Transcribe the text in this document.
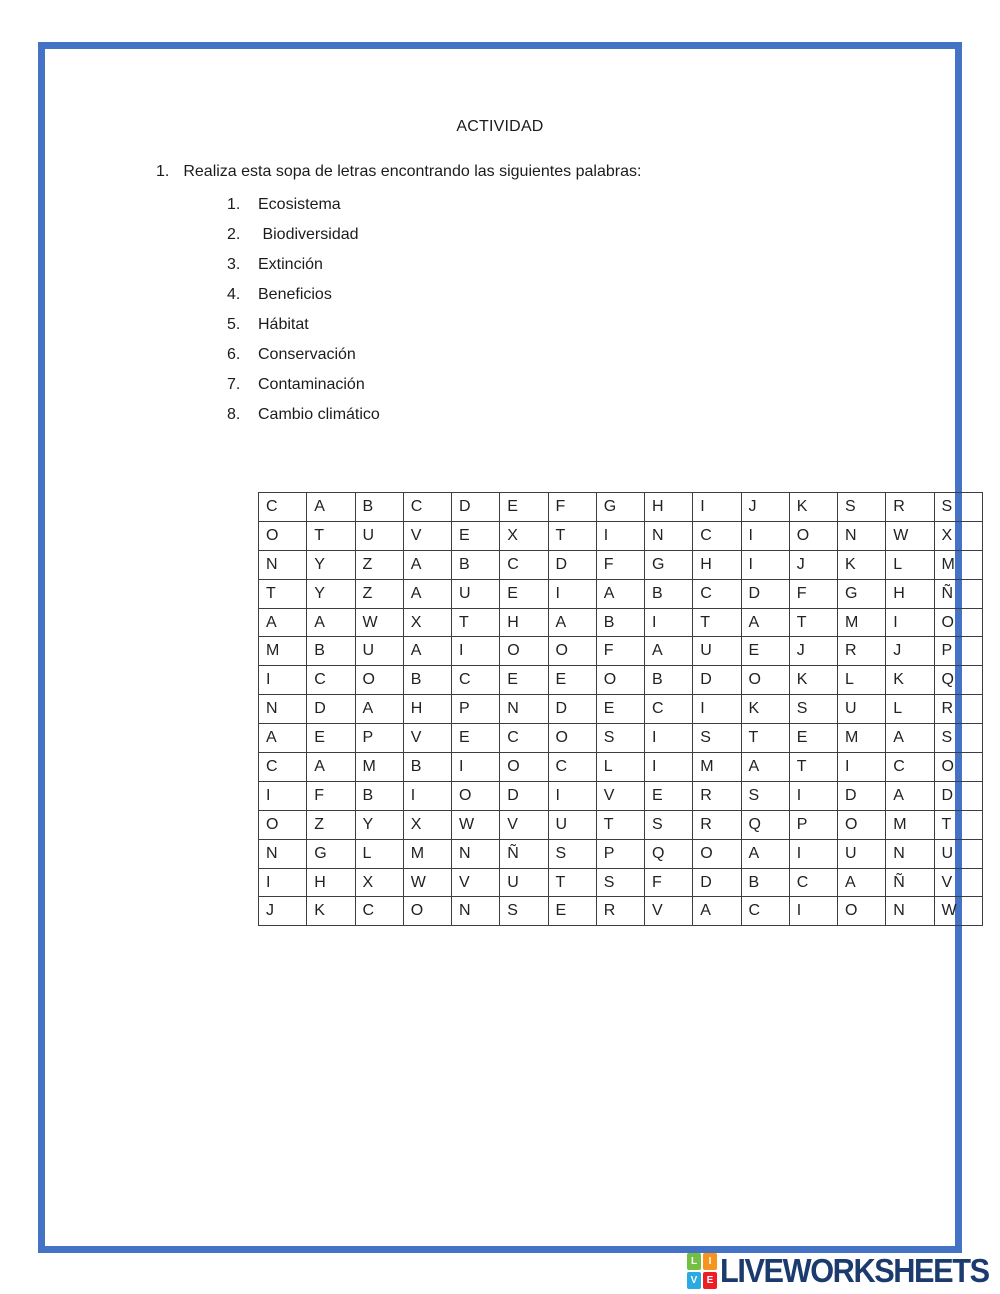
ACTIVIDAD
1. Realiza esta sopa de letras encontrando las siguientes palabras:
1.	Ecosistema
2.	Biodiversidad
3.	Extinción
4.	Beneficios
5.	Hábitat
6.	Conservación
7.	Contaminación
8.	Cambio climático
C	A	B	C	D	E	F	G	H	I	J	K	S	R	S
O	T	U	V	E	X	T	I	N	C	I	O	N	W	X
N	Y	Z	A	B	C	D	F	G	H	I	J	K	L	M
T	Y	Z	A	U	E	I	A	B	C	D	F	G	H	Ñ
A	A	W	X	T	H	A	B	I	T	A	T	M	I	O
M	B	U	A	I	O	O	F	A	U	E	J	R	J	P
I	C	O	B	C	E	E	O	B	D	O	K	L	K	Q
N	D	A	H	P	N	D	E	C	I	K	S	U	L	R
A	E	P	V	E	C	O	S	I	S	T	E	M	A	S
C	A	M	B	I	O	C	L	I	M	A	T	I	C	O
I	F	B	I	O	D	I	V	E	R	S	I	D	A	D
O	Z	Y	X	W	V	U	T	S	R	Q	P	O	M	T
N	G	L	M	N	Ñ	S	P	Q	O	A	I	U	N	U
I	H	X	W	V	U	T	S	F	D	B	C	A	Ñ	V
J	K	C	O	N	S	E	R	V	A	C	I	O	N	W
L	I
V E LIVEWORKSHEETS
